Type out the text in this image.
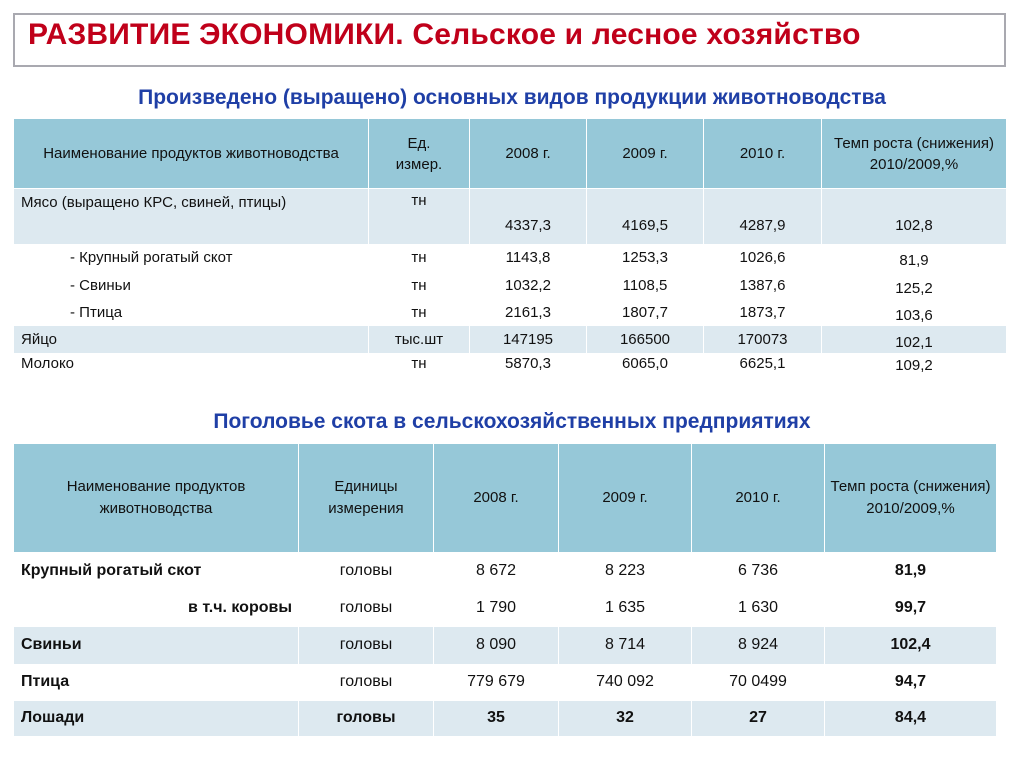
РАЗВИТИЕ ЭКОНОМИКИ. Сельское и лесное хозяйство
Произведено (выращено) основных видов продукции животноводства
Наименование продуктов животноводства	Ед. измер.	2008 г.	2009 г.	2010 г.	Темп роста (снижения) 2010/2009,%
Мясо (выращено КРС, свиней, птицы)	тн	4337,3	4169,5	4287,9	102,8
- Крупный рогатый скот	тн	1143,8	1253,3	1026,6	81,9
- Свиньи	тн	1032,2	1108,5	1387,6	125,2
- Птица	тн	2161,3	1807,7	1873,7	103,6
Яйцо	тыс.шт	147195	166500	170073	102,1
Молоко	тн	5870,3	6065,0	6625,1	109,2
Поголовье скота в сельскохозяйственных предприятиях
Наименование продуктов животноводства	Единицы измерения	2008 г.	2009 г.	2010 г.	Темп роста (снижения) 2010/2009,%
Крупный рогатый скот	головы	8 672	8 223	6 736	81,9
в т.ч. коровы	головы	1 790	1 635	1 630	99,7
Свиньи	головы	8 090	8 714	8 924	102,4
Птица	головы	779 679	740 092	70 0499	94,7
Лошади	головы	35	32	27	84,4
